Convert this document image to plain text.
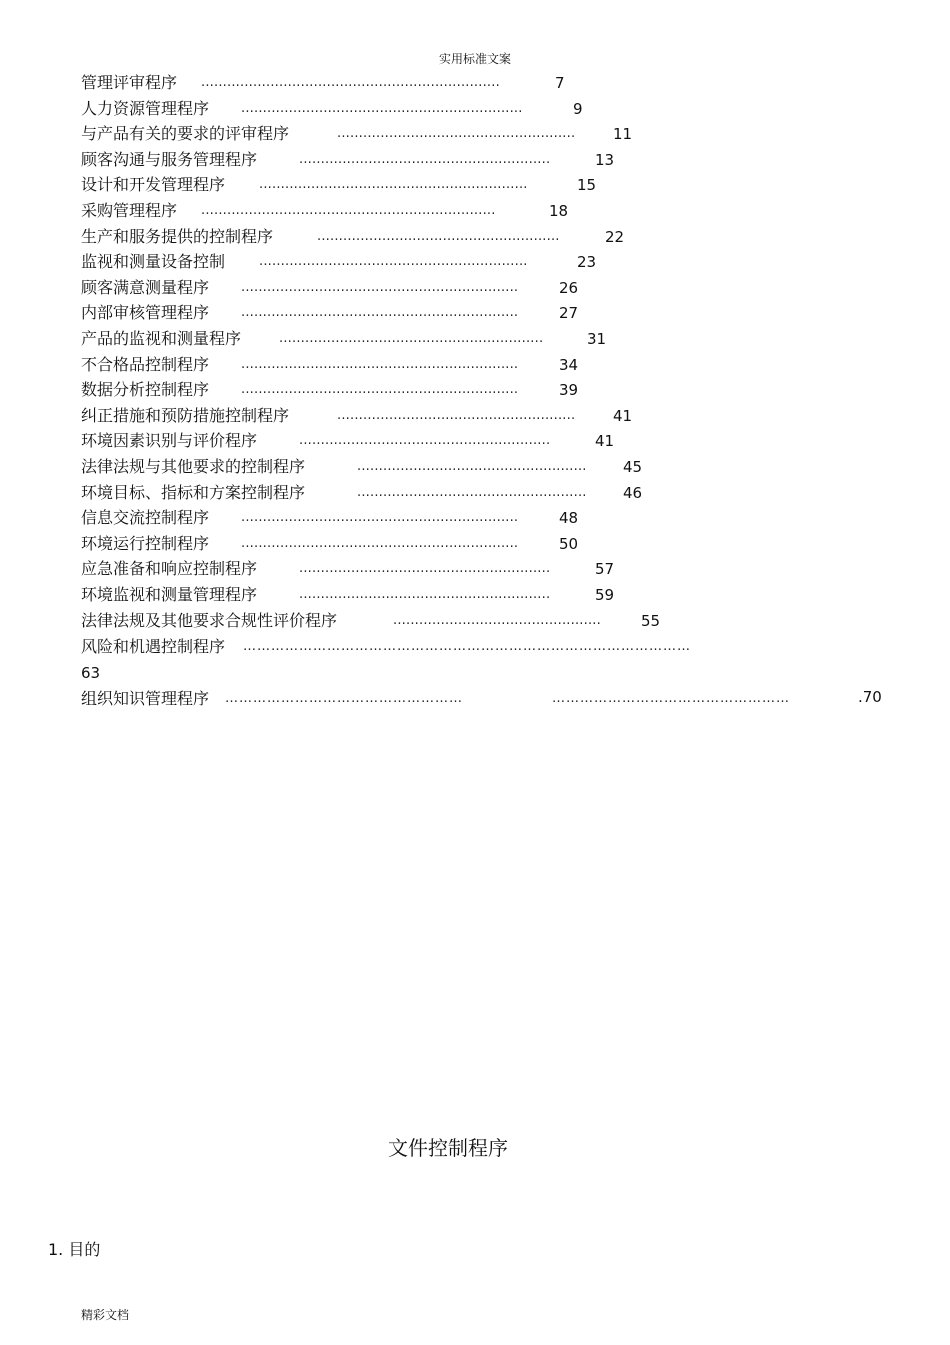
实用标准文案
管理评审程序 .....................................................................	7
人力资源管理程序 .................................................................	9
与产品有关的要求的评审程序	.......................................................	11
顾客沟通与服务管理程序	..........................................................	13
设计和开发管理程序	..............................................................	15
采购管理程序 ....................................................................	18
生产和服务提供的控制程序	........................................................	22
监视和测量设备控制	..............................................................	23
顾客满意测量程序 ................................................................	26
内部审核管理程序 ................................................................	27
产品的监视和测量程序	.............................................................	31
不合格品控制程序 ................................................................	34
数据分析控制程序 ................................................................	39
纠正措施和预防措施控制程序	.......................................................	41
环境因素识别与评价程序	..........................................................	41
法律法规与其他要求的控制程序	..................................................... 45
环境目标、指标和方案控制程序	..................................................... 46
信息交流控制程序 ................................................................	48
环境运行控制程序 ................................................................	50
应急准备和响应控制程序	..........................................................	57
环境监视和测量管理程序	..........................................................	59
法律法规及其他要求合规性评价程序	................................................	55
风险和机遇控制程序 ……………………………………………………………………………………
63
组织知识管理程序 ……………………………………………	……………………………………………	.70
文件控制程序
1. 目的
精彩文档
